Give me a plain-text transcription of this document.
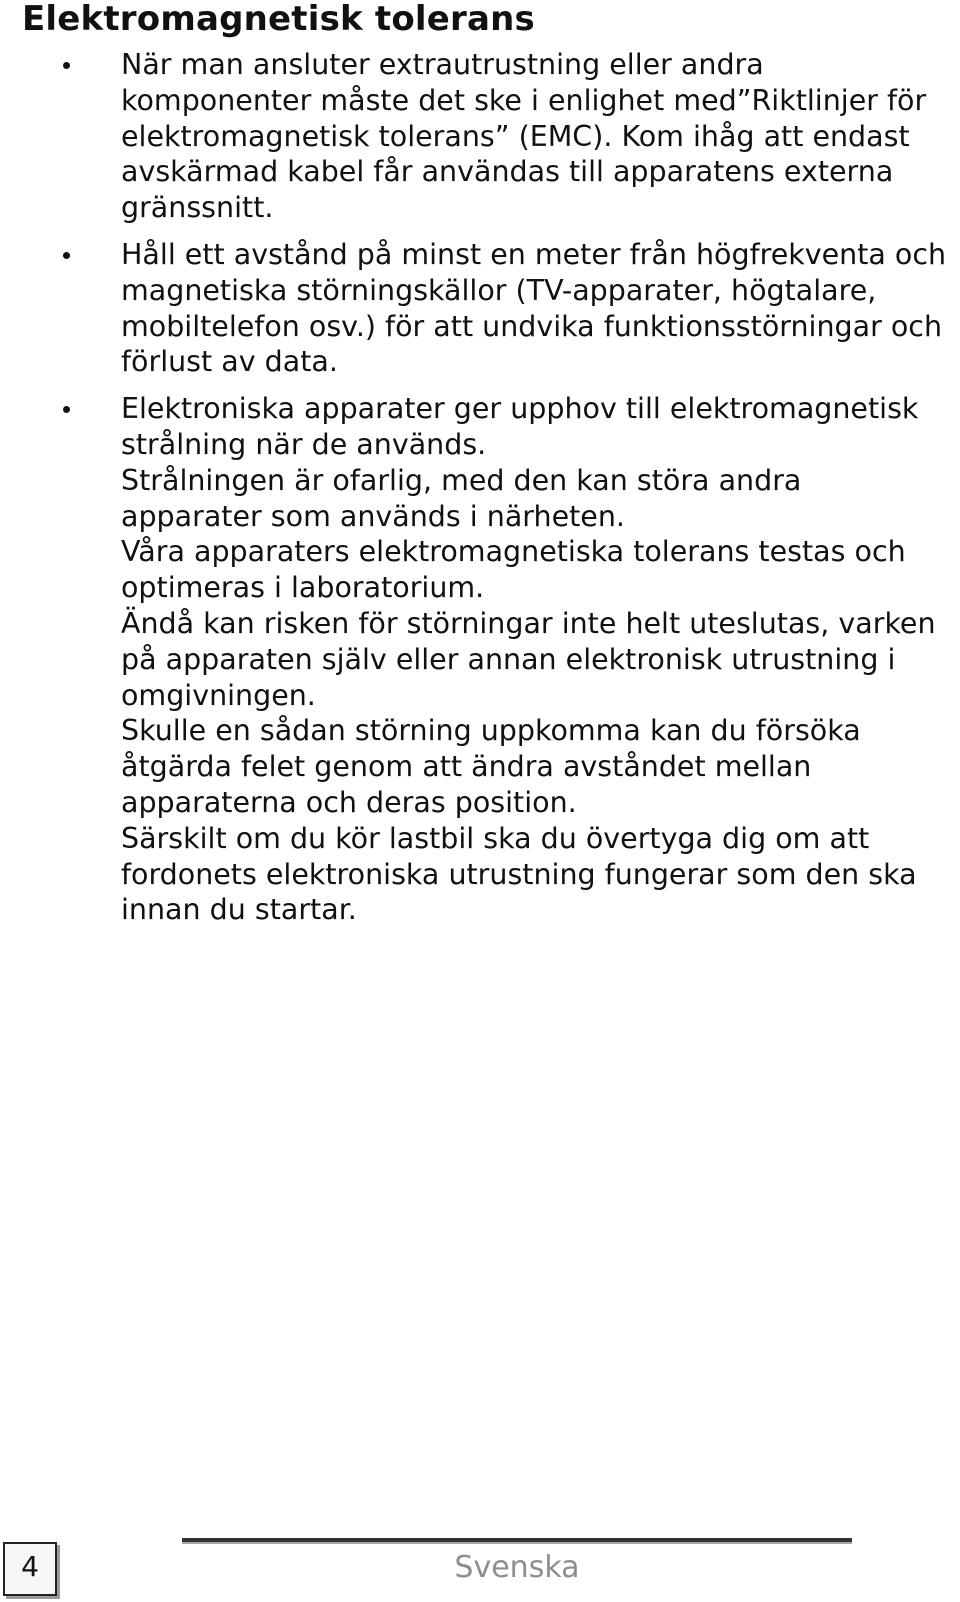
Elektromagnetisk tolerans
När man ansluter extrautrustning eller andra komponenter måste det ske i enlighet med”Riktlinjer för elektromagnetisk tolerans” (EMC). Kom ihåg att endast avskärmad kabel får användas till apparatens externa gränssnitt.
Håll ett avstånd på minst en meter från högfrekventa och magnetiska störningskällor (TV-apparater, högtalare, mobiltelefon osv.) för att undvika funktionsstörningar och förlust av data.
Elektroniska apparater ger upphov till elektromagnetisk strålning när de används.
Strålningen är ofarlig, med den kan störa andra apparater som används i närheten.
Våra apparaters elektromagnetiska tolerans testas och optimeras i laboratorium.
Ändå kan risken för störningar inte helt uteslutas, varken på apparaten själv eller annan elektronisk utrustning i omgivningen.
Skulle en sådan störning uppkomma kan du försöka åtgärda felet genom att ändra avståndet mellan apparaterna och deras position.
Särskilt om du kör lastbil ska du övertyga dig om att fordonets elektroniska utrustning fungerar som den ska innan du startar.
4	Svenska
